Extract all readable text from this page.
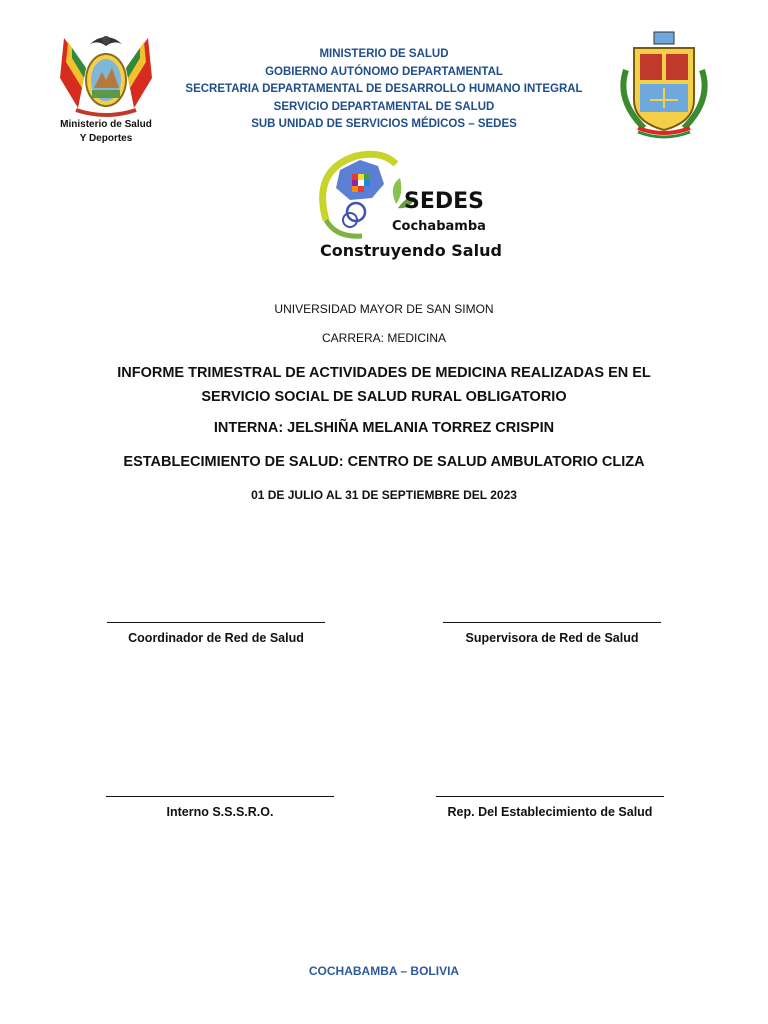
Ministerio de Salud
Y Deportes
MINISTERIO DE SALUD
GOBIERNO AUTÓNOMO DEPARTAMENTAL
SECRETARIA DEPARTAMENTAL DE DESARROLLO HUMANO INTEGRAL
SERVICIO DEPARTAMENTAL DE SALUD
SUB UNIDAD DE SERVICIOS MÉDICOS – SEDES
SEDES
Cochabamba
Construyendo Salud
UNIVERSIDAD MAYOR DE SAN SIMON
CARRERA: MEDICINA
INFORME TRIMESTRAL DE ACTIVIDADES DE MEDICINA REALIZADAS EN EL
SERVICIO SOCIAL DE SALUD RURAL OBLIGATORIO
INTERNA: JELSHIÑA MELANIA TORREZ CRISPIN
ESTABLECIMIENTO DE SALUD: CENTRO DE SALUD AMBULATORIO CLIZA
01 DE JULIO AL 31 DE SEPTIEMBRE DEL 2023
Coordinador de Red de Salud	Supervisora de Red de Salud
Interno S.S.S.R.O.	Rep. Del Establecimiento de Salud
COCHABAMBA – BOLIVIA
